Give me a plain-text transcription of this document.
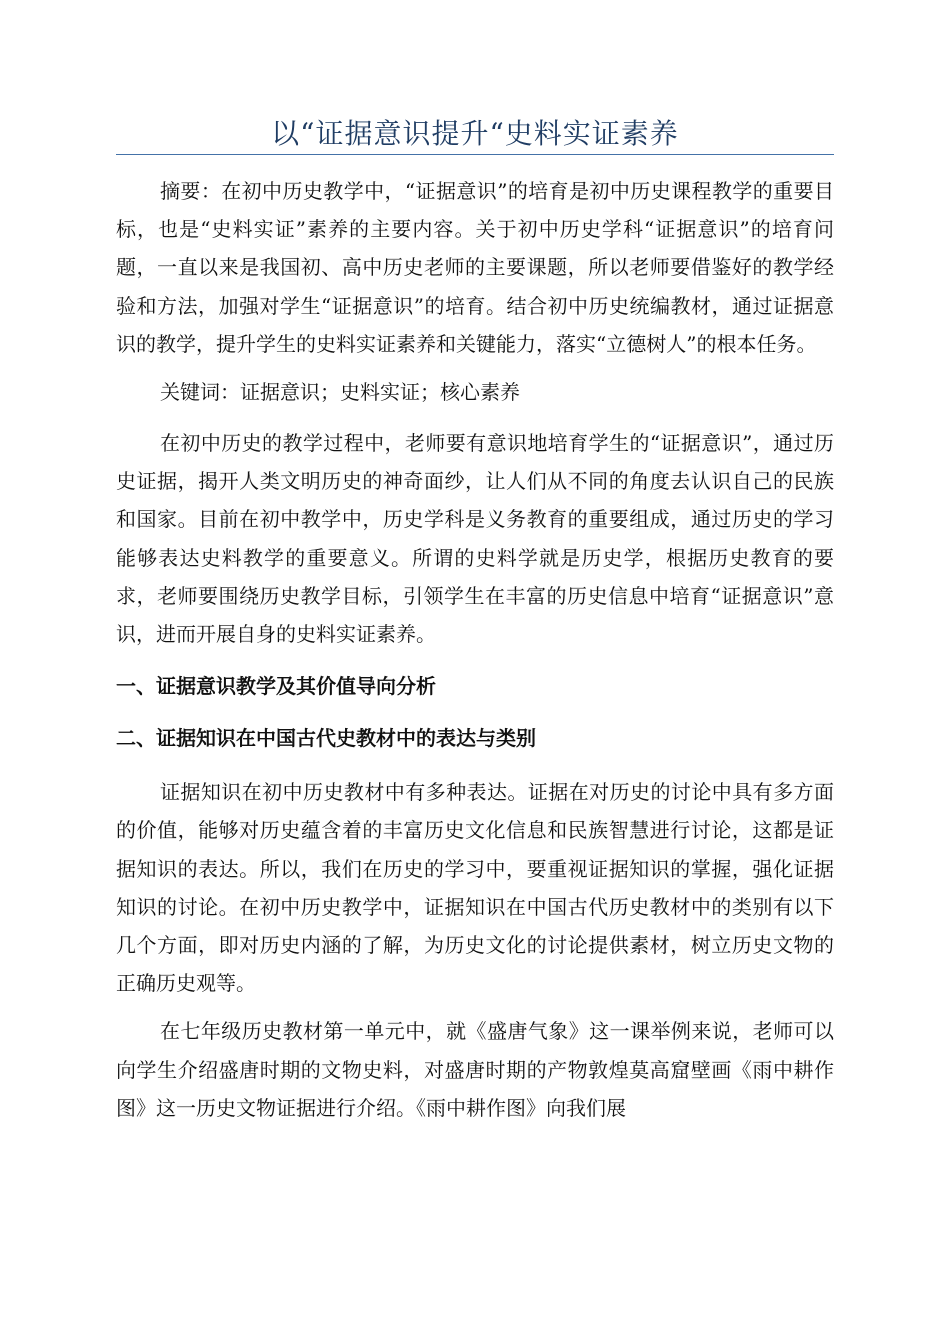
以“证据意识提升“史料实证素养

摘要：在初中历史教学中，“证据意识”的培育是初中历史课程教学的重要目标，也是“史料实证”素养的主要内容。关于初中历史学科“证据意识”的培育问题，一直以来是我国初、高中历史老师的主要课题，所以老师要借鉴好的教学经验和方法，加强对学生“证据意识”的培育。结合初中历史统编教材，通过证据意识的教学，提升学生的史料实证素养和关键能力，落实“立德树人”的根本任务。

关键词：证据意识；史料实证；核心素养

在初中历史的教学过程中，老师要有意识地培育学生的“证据意识”，通过历史证据，揭开人类文明历史的神奇面纱，让人们从不同的角度去认识自己的民族和国家。目前在初中教学中，历史学科是义务教育的重要组成，通过历史的学习能够表达史料教学的重要意义。所谓的史料学就是历史学，根据历史教育的要求，老师要围绕历史教学目标，引领学生在丰富的历史信息中培育“证据意识”意识，进而开展自身的史料实证素养。

一、证据意识教学及其价值导向分析

二、证据知识在中国古代史教材中的表达与类别

证据知识在初中历史教材中有多种表达。证据在对历史的讨论中具有多方面的价值，能够对历史蕴含着的丰富历史文化信息和民族智慧进行讨论，这都是证据知识的表达。所以，我们在历史的学习中，要重视证据知识的掌握，强化证据知识的讨论。在初中历史教学中，证据知识在中国古代历史教材中的类别有以下几个方面，即对历史内涵的了解，为历史文化的讨论提供素材，树立历史文物的正确历史观等。

在七年级历史教材第一单元中，就《盛唐气象》这一课举例来说，老师可以向学生介绍盛唐时期的文物史料，对盛唐时期的产物敦煌莫高窟壁画《雨中耕作图》这一历史文物证据进行介绍。《雨中耕作图》向我们展
